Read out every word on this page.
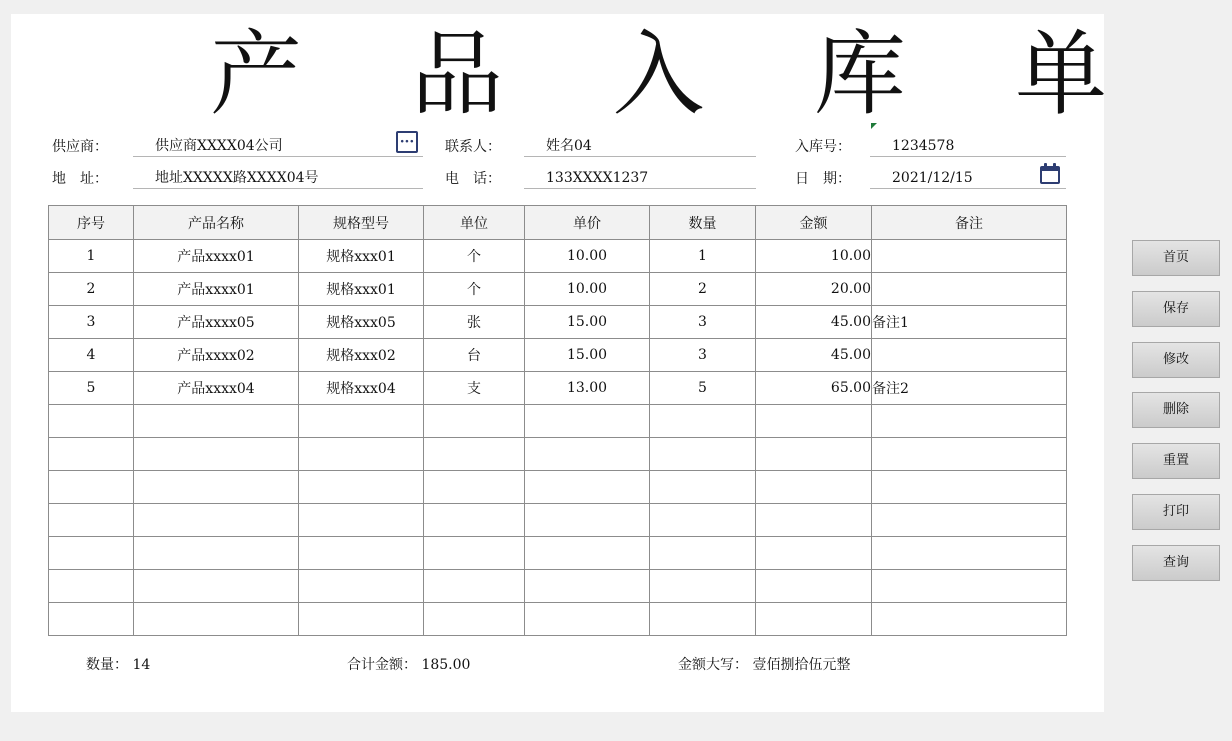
产 品 入 库 单
供应商：	供应商XXXX04公司	··· 联系人：	姓名04	入库号：	1234578
地　址：	地址XXXXX路XXXX04号	电　话：	133XXXX1237	日　期：	2021/12/15
序号	产品名称	规格型号	单位	单价	数量	金额	备注
1	产品xxxx01	规格xxx01	个	10.00	1	10.00	
2	产品xxxx01	规格xxx01	个	10.00	2	20.00	
3	产品xxxx05	规格xxx05	张	15.00	3	45.00	备注1
4	产品xxxx02	规格xxx02	台	15.00	3	45.00	
5	产品xxxx04	规格xxx04	支	13.00	5	65.00	备注2

数量： 14	合计金额： 185.00	金额大写： 壹佰捌拾伍元整
首页
保存
修改
删除
重置
打印
查询
